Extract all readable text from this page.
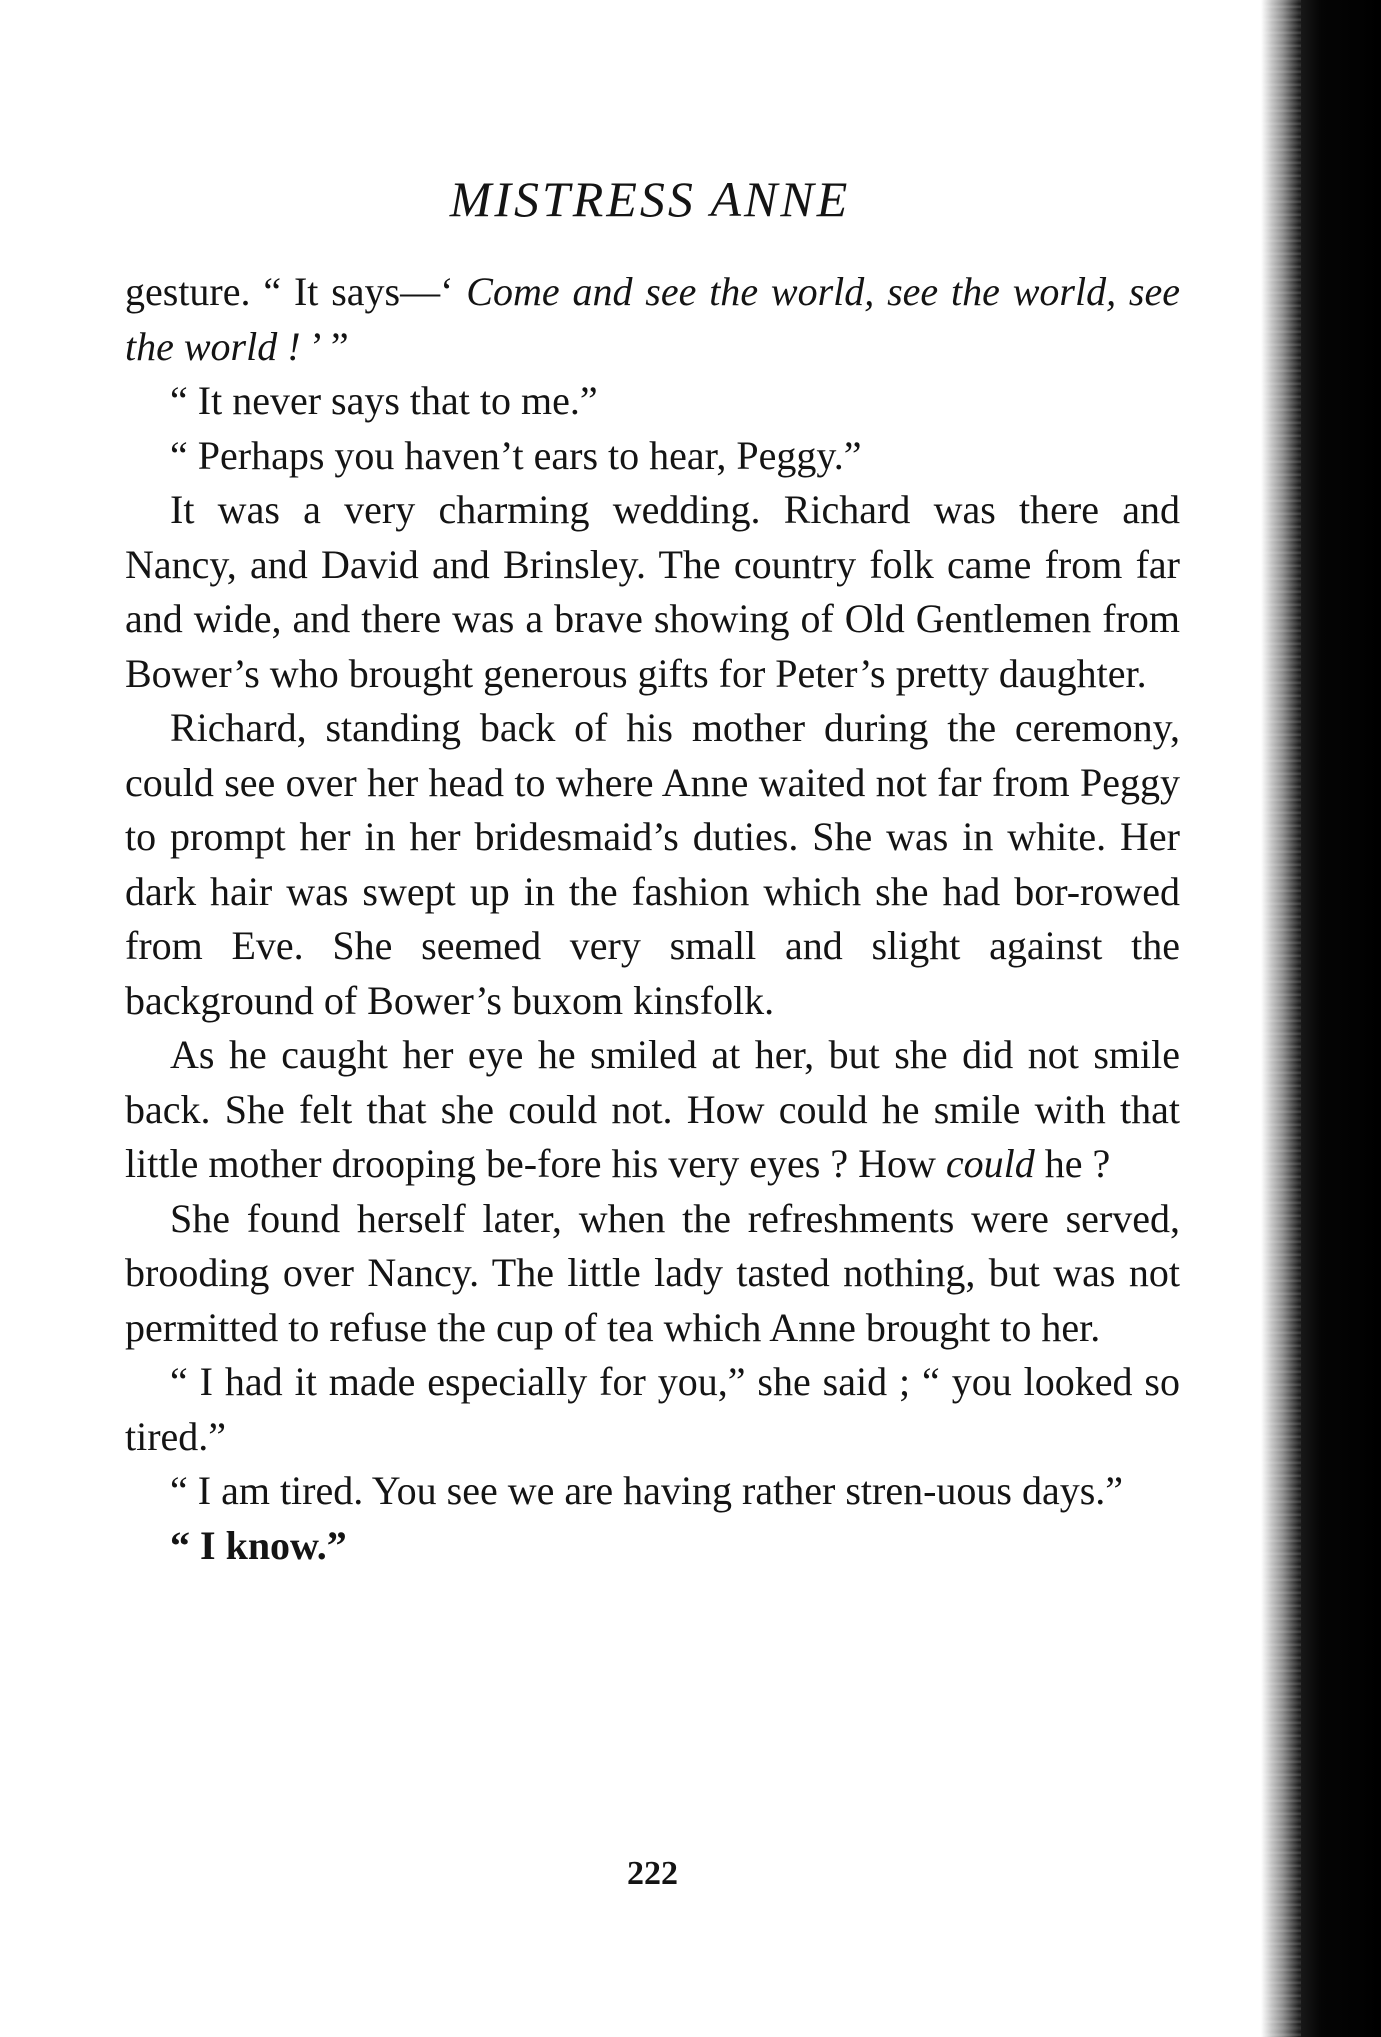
MISTRESS ANNE

gesture. “ It says—‘ Come and see the world, see the world, see the world ! ’ ”

“ It never says that to me.”

“ Perhaps you haven’t ears to hear, Peggy.”

It was a very charming wedding. Richard was there and Nancy, and David and Brinsley. The country folk came from far and wide, and there was a brave showing of Old Gentlemen from Bower’s who brought generous gifts for Peter’s pretty daughter.

Richard, standing back of his mother during the ceremony, could see over her head to where Anne waited not far from Peggy to prompt her in her bridesmaid’s duties. She was in white. Her dark hair was swept up in the fashion which she had bor-rowed from Eve. She seemed very small and slight against the background of Bower’s buxom kinsfolk.

As he caught her eye he smiled at her, but she did not smile back. She felt that she could not. How could he smile with that little mother drooping be-fore his very eyes ? How could he ?

She found herself later, when the refreshments were served, brooding over Nancy. The little lady tasted nothing, but was not permitted to refuse the cup of tea which Anne brought to her.

“ I had it made especially for you,” she said ; “ you looked so tired.”

“ I am tired. You see we are having rather stren-uous days.”

“ I know.”

222
